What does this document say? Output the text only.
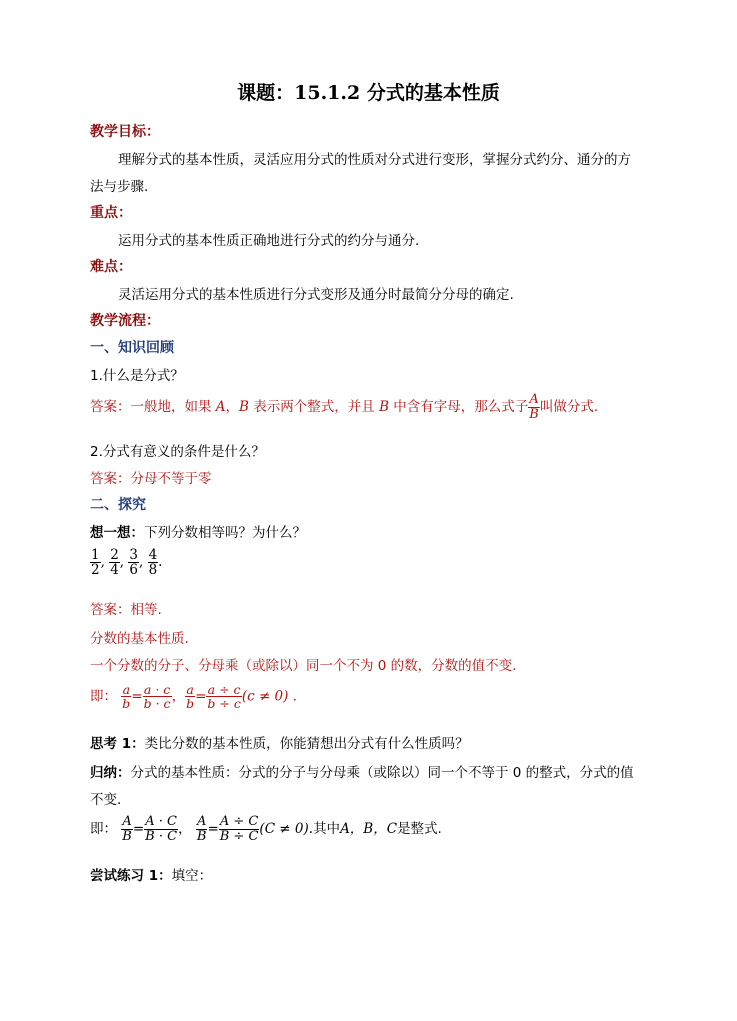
课题：15.1.2 分式的基本性质
教学目标：
理解分式的基本性质，灵活应用分式的性质对分式进行变形，掌握分式约分、通分的方
法与步骤.
重点：
运用分式的基本性质正确地进行分式的约分与通分.
难点：
灵活运用分式的基本性质进行分式变形及通分时最简分分母的确定.
教学流程：
一、知识回顾
1.什么是分式？
答案：一般地，如果 A，B 表示两个整式，并且 B 中含有字母，那么式子 $\frac{A}{B}$ 叫做分式.
2.分式有意义的条件是什么？
答案：分母不等于零
二、探究
想一想：下列分数相等吗？为什么？
$\frac{1}{2}$ , $\frac{2}{4}$ , $\frac{3}{6}$ , $\frac{4}{8}$ .
答案：相等.
分数的基本性质.
一个分数的分子、分母乘（或除以）同一个不为 0 的数，分数的值不变.
即： $\frac{a}{b} = \frac{a \cdot c}{b \cdot c}$ ， $\frac{a}{b} = \frac{a \div c}{b \div c} (c \ne 0)$ .
思考 1：类比分数的基本性质，你能猜想出分式有什么性质吗？
归纳：分式的基本性质：分式的分子与分母乘（或除以）同一个不等于 0 的整式，分式的值
不变.
即： $\frac{A}{B} = \frac{A \cdot C}{B \cdot C}$ ， $\frac{A}{B} = \frac{A \div C}{B \div C} (C \ne 0)$.其中A，B，C是整式.
尝试练习 1：填空：
